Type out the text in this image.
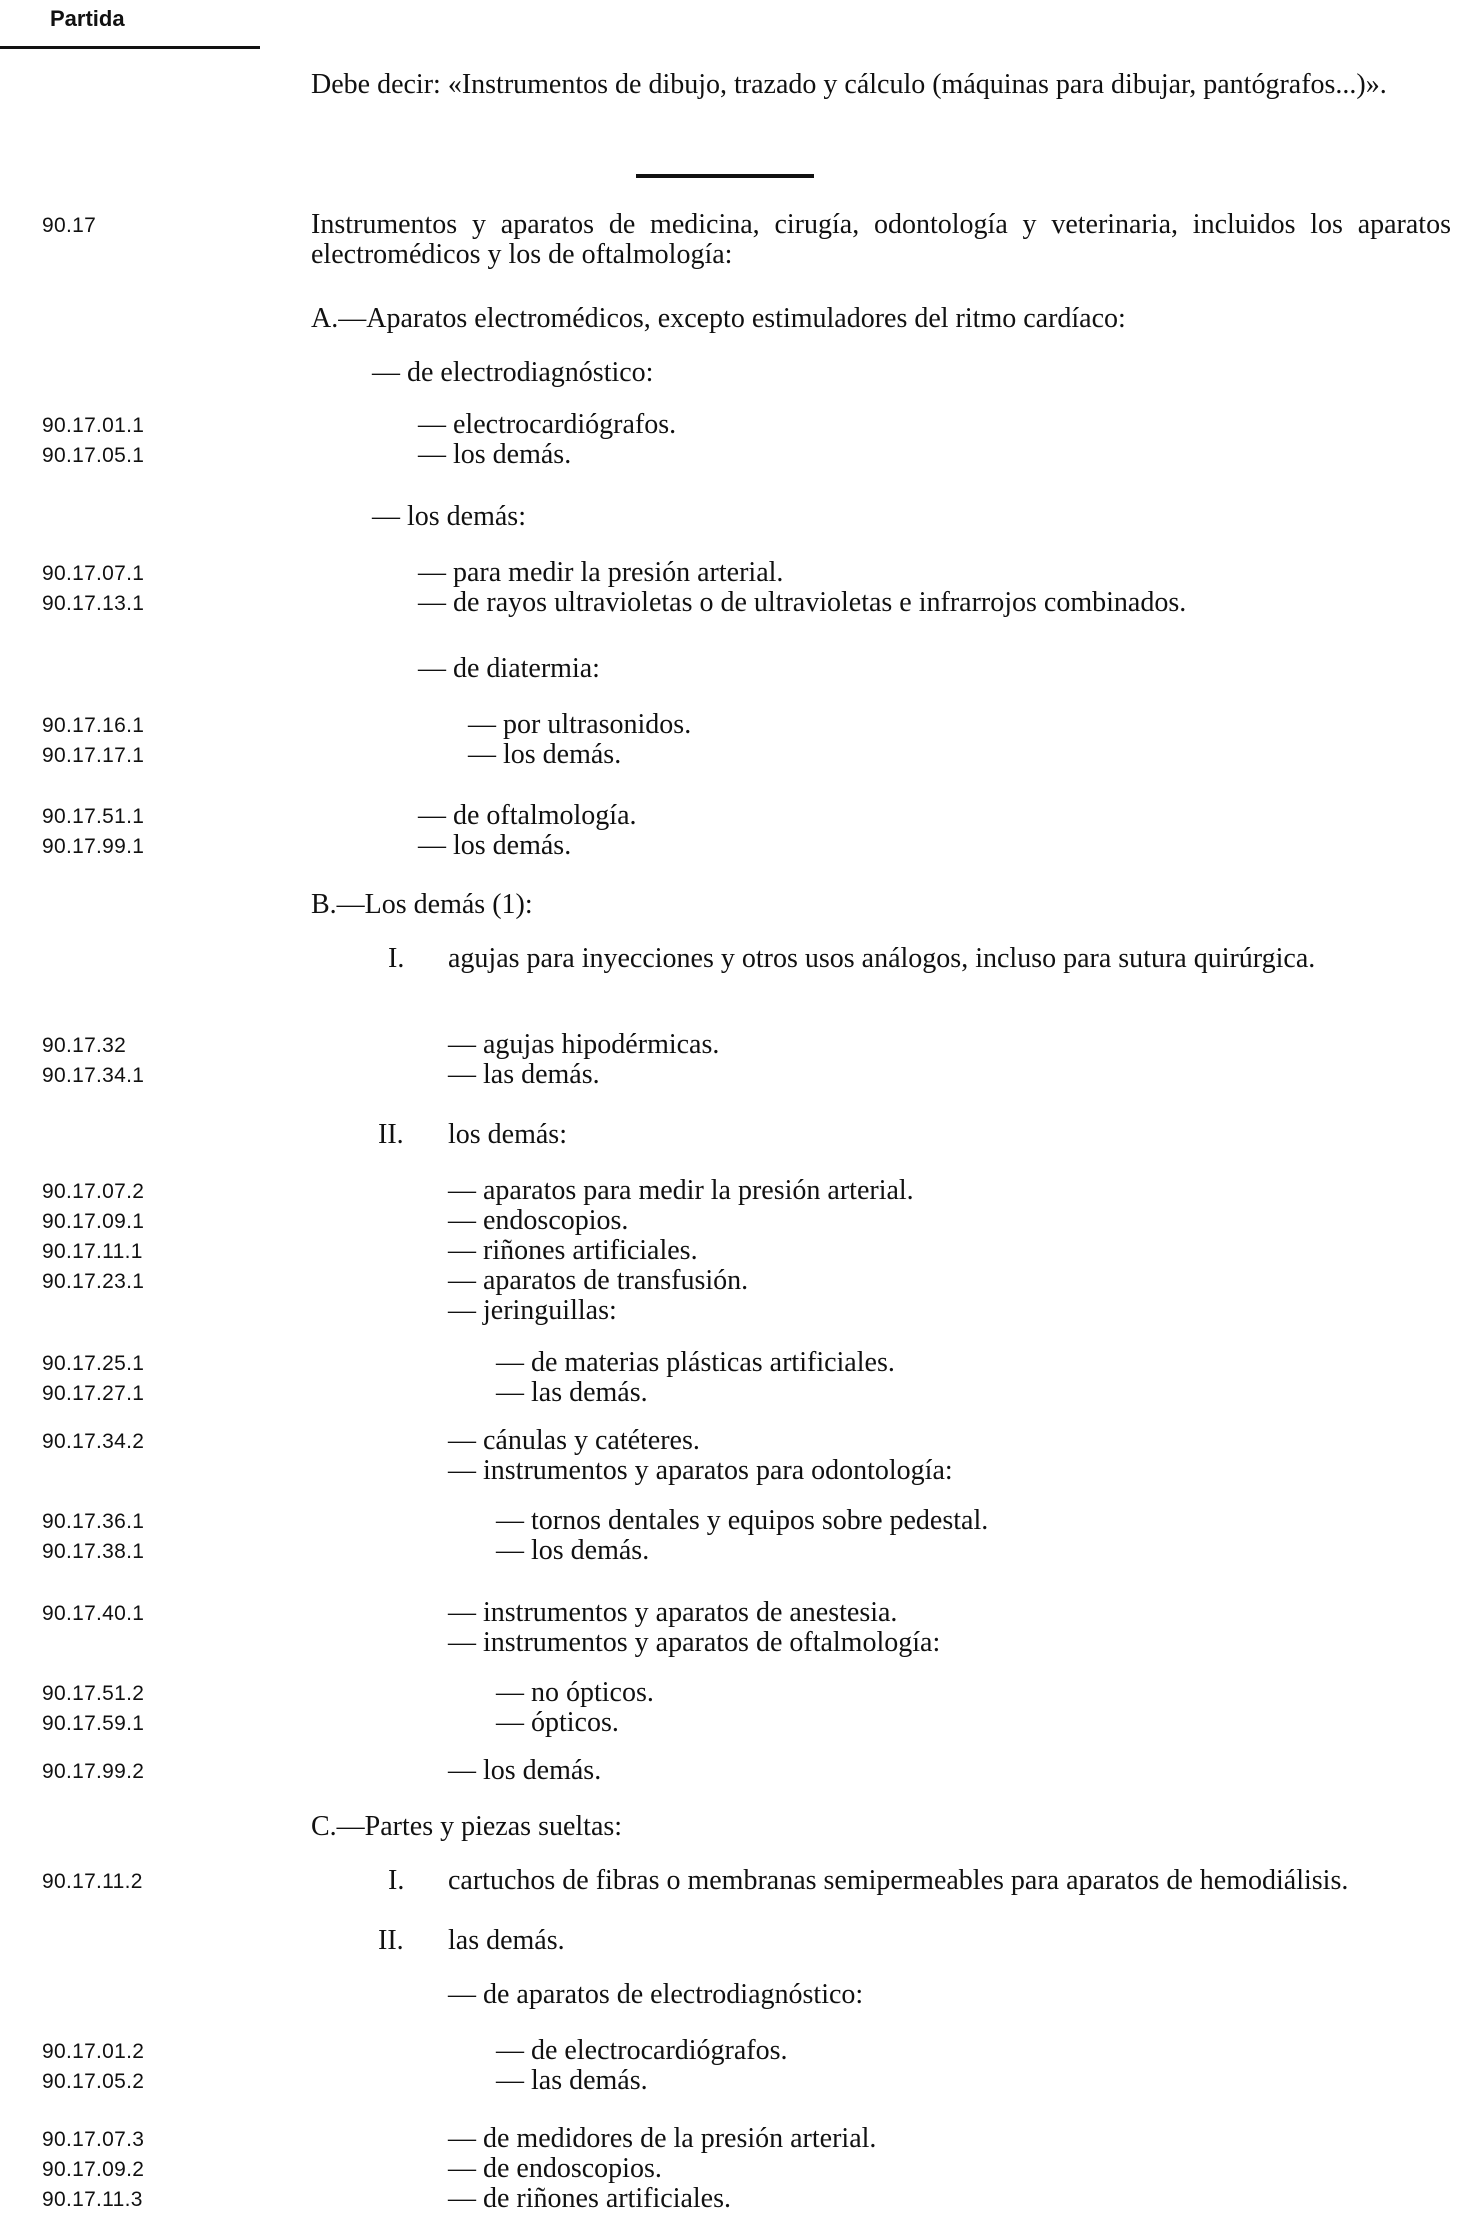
Partida
Debe decir: «Instrumentos de dibujo, trazado y cálculo (máquinas para dibujar, pantógrafos...)».
90.17	Instrumentos y aparatos de medicina, cirugía, odontología y veterinaria, incluidos los aparatos electromédicos y los de oftalmología:
A.—Aparatos electromédicos, excepto estimuladores del ritmo cardíaco:
— de electrodiagnóstico:
90.17.01.1	— electrocardiógrafos.
90.17.05.1	— los demás.
— los demás:
90.17.07.1	— para medir la presión arterial.
90.17.13.1	— de rayos ultravioletas o de ultravioletas e infrarrojos combinados.
— de diatermia:
90.17.16.1	— por ultrasonidos.
90.17.17.1	— los demás.
90.17.51.1	— de oftalmología.
90.17.99.1	— los demás.
B.—Los demás (1):
I. agujas para inyecciones y otros usos análogos, incluso para sutura quirúrgica.
90.17.32	— agujas hipodérmicas.
90.17.34.1	— las demás.
II. los demás:
90.17.07.2	— aparatos para medir la presión arterial.
90.17.09.1	— endoscopios.
90.17.11.1	— riñones artificiales.
90.17.23.1	— aparatos de transfusión.
— jeringuillas:
90.17.25.1	— de materias plásticas artificiales.
90.17.27.1	— las demás.
90.17.34.2	— cánulas y catéteres.
— instrumentos y aparatos para odontología:
90.17.36.1	— tornos dentales y equipos sobre pedestal.
90.17.38.1	— los demás.
90.17.40.1	— instrumentos y aparatos de anestesia.
— instrumentos y aparatos de oftalmología:
90.17.51.2	— no ópticos.
90.17.59.1	— ópticos.
90.17.99.2	— los demás.
C.—Partes y piezas sueltas:
90.17.11.2	I. cartuchos de fibras o membranas semipermeables para aparatos de hemodiálisis.
II. las demás.
— de aparatos de electrodiagnóstico:
90.17.01.2	— de electrocardiógrafos.
90.17.05.2	— las demás.
90.17.07.3	— de medidores de la presión arterial.
90.17.09.2	— de endoscopios.
90.17.11.3	— de riñones artificiales.
